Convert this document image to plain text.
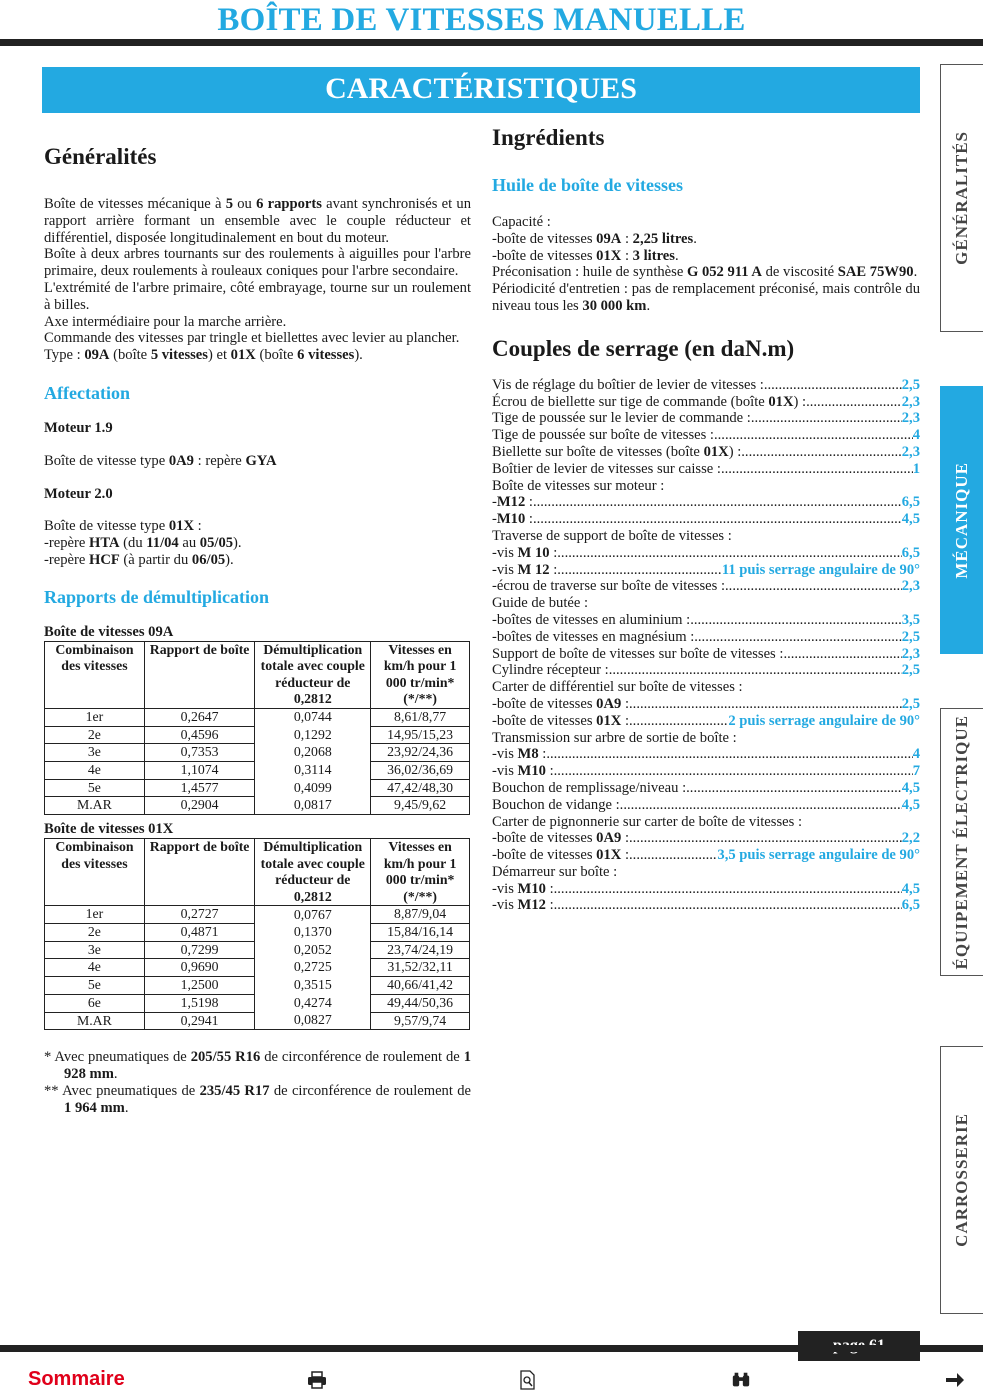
BOÎTE DE VITESSES MANUELLE
CARACTÉRISTIQUES
Généralités

Boîte de vitesses mécanique à 5 ou 6 rapports avant synchronisés et un rapport arrière formant un ensemble avec le couple réducteur et différentiel, disposée longitudinalement en bout du moteur.

Boîte à deux arbres tournants sur des roulements à aiguilles pour l'arbre primaire, deux roulements à rouleaux coniques pour l'arbre secondaire.

L'extrémité de l'arbre primaire, côté embrayage, tourne sur un roulement à billes.

Axe intermédiaire pour la marche arrière.

Commande des vitesses par tringle et biellettes avec levier au plancher.

Type : 09A (boîte 5 vitesses) et 01X (boîte 6 vitesses).

Affectation

Moteur 1.9

Boîte de vitesse type 0A9 : repère GYA

Moteur 2.0

Boîte de vitesse type 01X :

-repère HTA (du 11/04 au 05/05).

-repère HCF (à partir du 06/05).

Rapports de démultiplication

Boîte de vitesses 09A

Combinaison des vitesses	Rapport de boîte	Démultiplication totale avec couple réducteur de 0,2812	Vitesses en km/h pour 1 000 tr/min* (*/**)
1er	0,2647	0,0744	8,61/8,77
2e	0,4596	0,1292	14,95/15,23
3e	0,7353	0,2068	23,92/24,36
4e	1,1074	0,3114	36,02/36,69
5e	1,4577	0,4099	47,42/48,30
M.AR	0,2904	0,0817	9,45/9,62

Boîte de vitesses 01X

Combinaison des vitesses	Rapport de boîte	Démultiplication totale avec couple réducteur de 0,2812	Vitesses en km/h pour 1 000 tr/min* (*/**)
1er	0,2727	0,0767	8,87/9,04
2e	0,4871	0,1370	15,84/16,14
3e	0,7299	0,2052	23,74/24,19
4e	0,9690	0,2725	31,52/32,11
5e	1,2500	0,3515	40,66/41,42
6e	1,5198	0,4274	49,44/50,36
M.AR	0,2941	0,0827	9,57/9,74

* Avec pneumatiques de 205/55 R16 de circonférence de roulement de 1 928 mm.

** Avec pneumatiques de 235/45 R17 de circonférence de roulement de 1 964 mm.

Ingrédients
Huile de boîte de vitesses

Capacité :

-boîte de vitesses 09A : 2,25 litres.

-boîte de vitesses 01X : 3 litres.

Préconisation : huile de synthèse G 052 911 A de viscosité SAE 75W90.

Périodicité d'entretien : pas de remplacement préconisé, mais contrôle du niveau tous les 30 000 km.

Couples de serrage (en daN.m)
Vis de réglage du boîtier de levier de vitesses : .....	2,5
Écrou de biellette sur tige de commande (boîte 01X) : .....	2,3
Tige de poussée sur le levier de commande : .....	2,3
Tige de poussée sur boîte de vitesses : .....	4
Biellette sur boîte de vitesses (boîte 01X) : .....	2,3
Boîtier de levier de vitesses sur caisse : .....	1
Boîte de vitesses sur moteur :
-M12 : .....	6,5
-M10 : .....	4,5
Traverse de support de boîte de vitesses :
-vis M 10 : .....	6,5
-vis M 12 : .....	11 puis serrage angulaire de 90°
-écrou de traverse sur boîte de vitesses : .....	2,3
Guide de butée :
-boîtes de vitesses en aluminium : .....	3,5
-boîtes de vitesses en magnésium : .....	2,5
Support de boîte de vitesses sur boîte de vitesses : .....	2,3
Cylindre récepteur : .....	2,5
Carter de différentiel sur boîte de vitesses :
-boîte de vitesses 0A9 : .....	2,5
-boîte de vitesses 01X : .....	2 puis serrage angulaire de 90°
Transmission sur arbre de sortie de boîte :
-vis M8 : .....	4
-vis M10 : .....	7
Bouchon de remplissage/niveau : .....	4,5
Bouchon de vidange : .....	4,5
Carter de pignonnerie sur carter de boîte de vitesses :
-boîte de vitesses 0A9 : .....	2,2
-boîte de vitesses 01X : .....	3,5 puis serrage angulaire de 90°
Démarreur sur boîte :
-vis M10 : .....	4,5
-vis M12 : .....	6,5
GÉNÉRALITÉS
MÉCANIQUE
ÉQUIPEMENT ÉLECTRIQUE
CARROSSERIE
Sommaire
